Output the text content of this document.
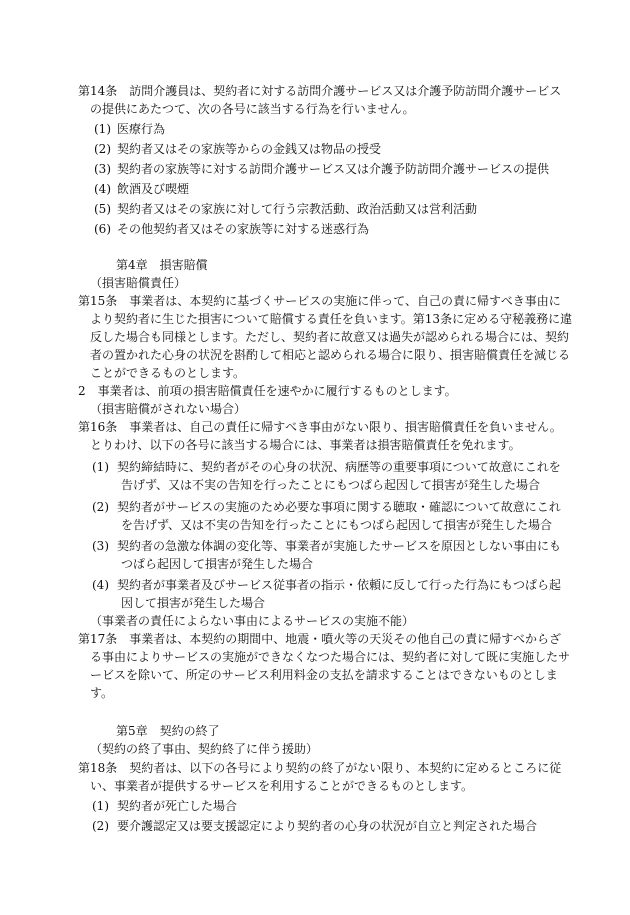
第14条　訪問介護員は、契約者に対する訪問介護サービス又は介護予防訪問介護サービス
の提供にあたつて、次の各号に該当する行為を行いません。
(1) 医療行為
(2) 契約者又はその家族等からの金銭又は物品の授受
(3) 契約者の家族等に対する訪問介護サービス又は介護予防訪問介護サービスの提供
(4) 飲酒及び喫煙
(5) 契約者又はその家族に対して行う宗教活動、政治活動又は営利活動
(6) その他契約者又はその家族等に対する迷惑行為
第4章　損害賠償
（損害賠償責任）
第15条　事業者は、本契約に基づくサービスの実施に伴って、自己の責に帰すべき事由に
より契約者に生じた損害について賠償する責任を負います。第13条に定める守秘義務に違
反した場合も同様とします。ただし、契約者に故意又は過失が認められる場合には、契約
者の置かれた心身の状況を斟酌して相応と認められる場合に限り、損害賠償責任を減じる
ことができるものとします。
2　事業者は、前項の損害賠償責任を速やかに履行するものとします。
（損害賠償がされない場合）
第16条　事業者は、自己の責任に帰すべき事由がない限り、損害賠償責任を負いません。
とりわけ、以下の各号に該当する場合には、事業者は損害賠償責任を免れます。
(1) 契約締結時に、契約者がその心身の状況、病歴等の重要事項について故意にこれを
告げず、又は不実の告知を行ったことにもつぱら起因して損害が発生した場合
(2) 契約者がサービスの実施のため必要な事項に関する聴取・確認について故意にこれ
を告げず、又は不実の告知を行ったことにもつぱら起因して損害が発生した場合
(3) 契約者の急激な体調の変化等、事業者が実施したサービスを原因としない事由にも
つぱら起因して損害が発生した場合
(4) 契約者が事業者及びサービス従事者の指示・依頼に反して行った行為にもつぱら起
因して損害が発生した場合
（事業者の責任によらない事由によるサービスの実施不能）
第17条　事業者は、本契約の期間中、地震・噴火等の天災その他自己の責に帰すべからざ
る事由によりサービスの実施ができなくなつた場合には、契約者に対して既に実施したサ
ービスを除いて、所定のサービス利用料金の支払を請求することはできないものとしま
す。
第5章　契約の終了
（契約の終了事由、契約終了に伴う援助）
第18条　契約者は、以下の各号により契約の終了がない限り、本契約に定めるところに従
い、事業者が提供するサービスを利用することができるものとします。
(1) 契約者が死亡した場合
(2) 要介護認定又は要支援認定により契約者の心身の状況が自立と判定された場合
